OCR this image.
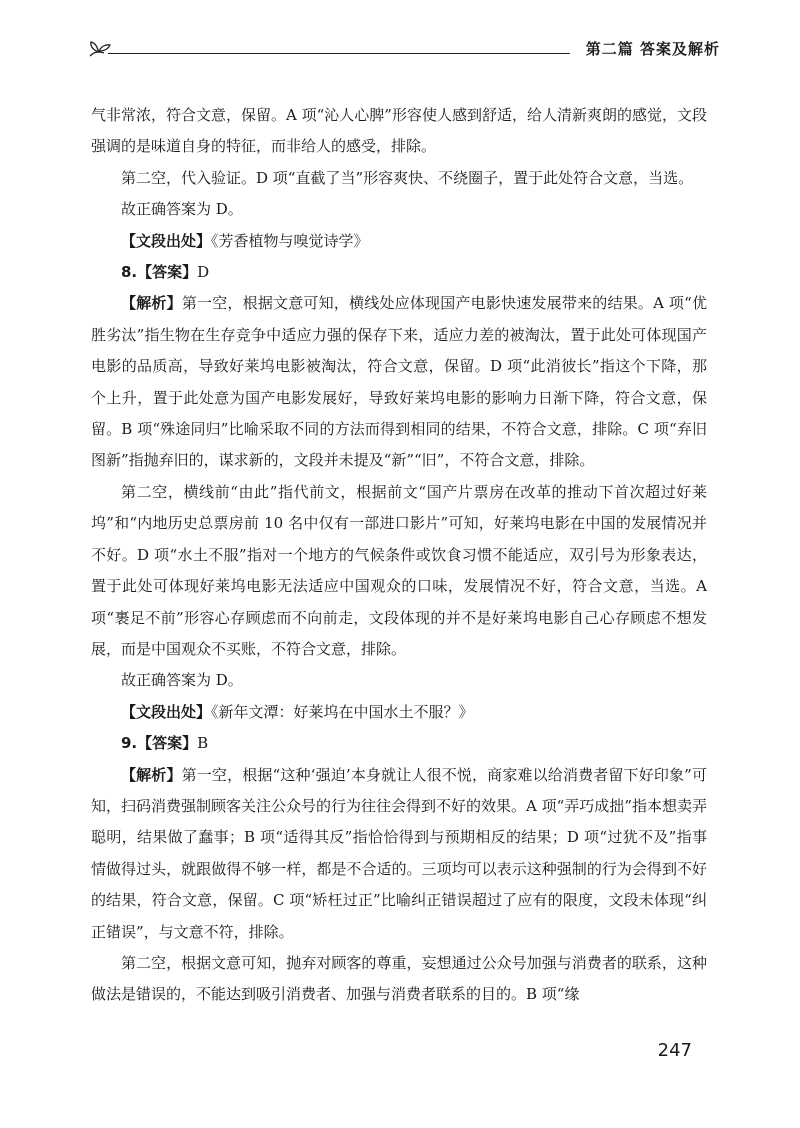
第二篇 答案及解析

气非常浓，符合文意，保留。A 项“沁人心脾”形容使人感到舒适，给人清新爽朗的感觉，文段强调的是味道自身的特征，而非给人的感受，排除。

第二空，代入验证。D 项“直截了当”形容爽快、不绕圈子，置于此处符合文意，当选。

故正确答案为 D。

【文段出处】《芳香植物与嗅觉诗学》

8.【答案】D

【解析】第一空，根据文意可知，横线处应体现国产电影快速发展带来的结果。A 项“优胜劣汰”指生物在生存竞争中适应力强的保存下来，适应力差的被淘汰，置于此处可体现国产电影的品质高，导致好莱坞电影被淘汰，符合文意，保留。D 项“此消彼长”指这个下降，那个上升，置于此处意为国产电影发展好，导致好莱坞电影的影响力日渐下降，符合文意，保留。B 项“殊途同归”比喻采取不同的方法而得到相同的结果，不符合文意，排除。C 项“弃旧图新”指抛弃旧的，谋求新的，文段并未提及“新”“旧”，不符合文意，排除。

第二空，横线前“由此”指代前文，根据前文“国产片票房在改革的推动下首次超过好莱坞”和“内地历史总票房前 10 名中仅有一部进口影片”可知，好莱坞电影在中国的发展情况并不好。D 项“水土不服”指对一个地方的气候条件或饮食习惯不能适应，双引号为形象表达，置于此处可体现好莱坞电影无法适应中国观众的口味，发展情况不好，符合文意，当选。A 项“裹足不前”形容心存顾虑而不向前走，文段体现的并不是好莱坞电影自己心存顾虑不想发展，而是中国观众不买账，不符合文意，排除。

故正确答案为 D。

【文段出处】《新年文潭：好莱坞在中国水土不服？》

9.【答案】B

【解析】第一空，根据“这种‘强迫’本身就让人很不悦，商家难以给消费者留下好印象”可知，扫码消费强制顾客关注公众号的行为往往会得到不好的效果。A 项“弄巧成拙”指本想卖弄聪明，结果做了蠢事；B 项“适得其反”指恰恰得到与预期相反的结果；D 项“过犹不及”指事情做得过头，就跟做得不够一样，都是不合适的。三项均可以表示这种强制的行为会得到不好的结果，符合文意，保留。C 项“矫枉过正”比喻纠正错误超过了应有的限度，文段未体现“纠正错误”，与文意不符，排除。

第二空，根据文意可知，抛弃对顾客的尊重，妄想通过公众号加强与消费者的联系，这种做法是错误的，不能达到吸引消费者、加强与消费者联系的目的。B 项“缘

247
